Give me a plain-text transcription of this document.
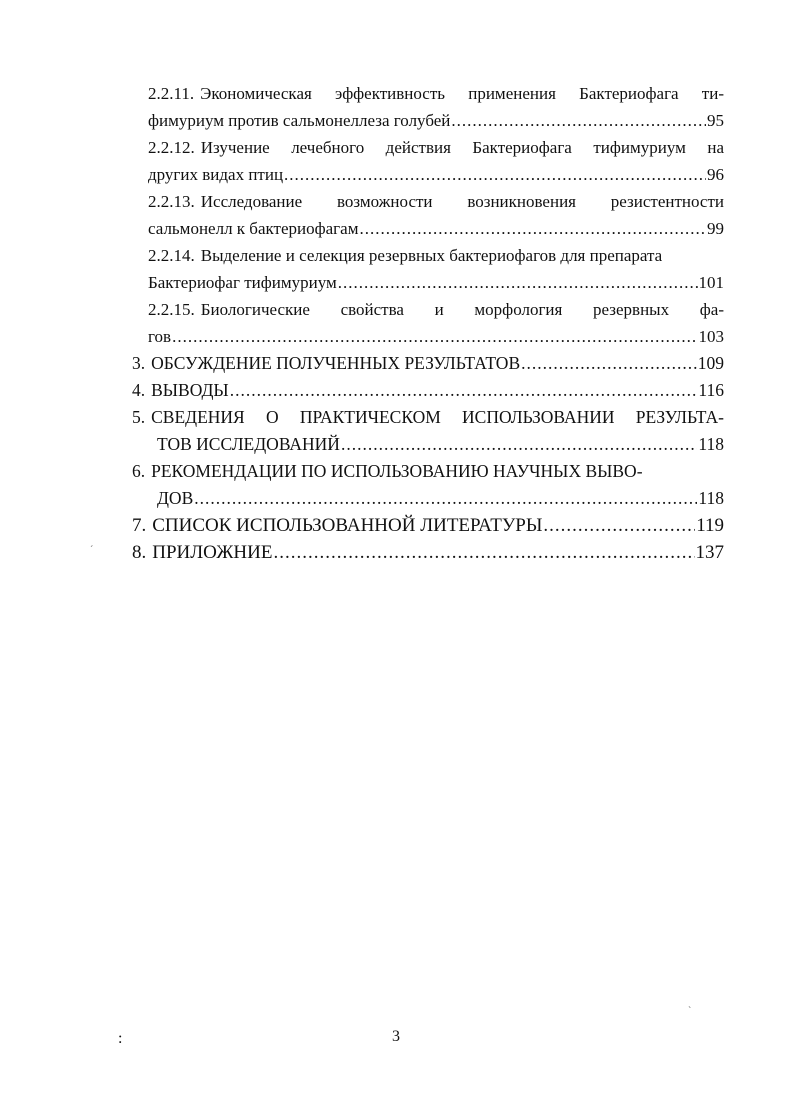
2.2.11. Экономическая эффективность применения Бактериофага ти-
фимуриум против сальмонеллеза голубей .....	95
2.2.12. Изучение лечебного действия Бактериофага тифимуриум на
других видах птиц .....	96
2.2.13. Исследование возможности возникновения резистентности
сальмонелл к бактериофагам .....	99
2.2.14. Выделение и селекция резервных бактериофагов для препарата
Бактериофаг тифимуриум .....	101
2.2.15. Биологические свойства и морфология резервных фа-
гов .....	103
3. ОБСУЖДЕНИЕ ПОЛУЧЕННЫХ РЕЗУЛЬТАТОВ .....	109
4. ВЫВОДЫ .....	116
5. СВЕДЕНИЯ О ПРАКТИЧЕСКОМ ИСПОЛЬЗОВАНИИ РЕЗУЛЬТА-
ТОВ ИССЛЕДОВАНИЙ .....	118
6. РЕКОМЕНДАЦИИ ПО ИСПОЛЬЗОВАНИЮ НАУЧНЫХ ВЫВО-
ДОВ .....	118
7. СПИСОК ИСПОЛЬЗОВАННОЙ ЛИТЕРАТУРЫ .....	119
8. ПРИЛОЖНИЕ .....	137
ˊ
ˋ
:	3
